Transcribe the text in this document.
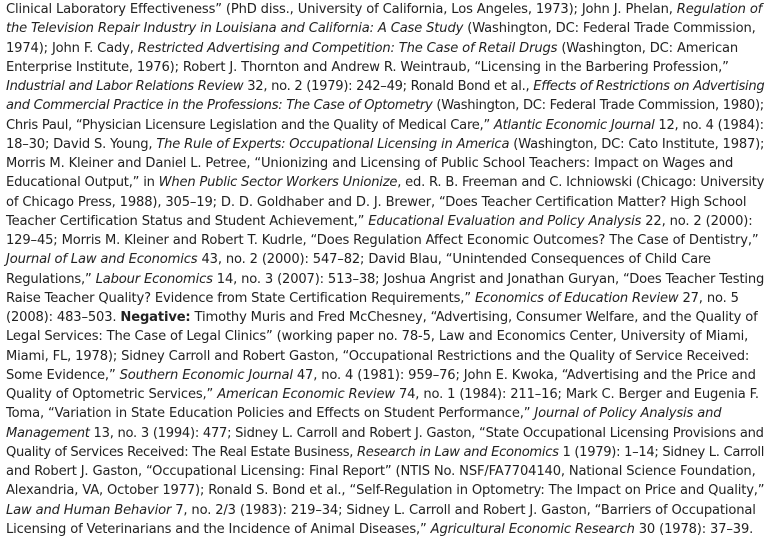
Clinical Laboratory Effectiveness” (PhD diss., University of California, Los Angeles, 1973); John J. Phelan, Regulation of
the Television Repair Industry in Louisiana and California: A Case Study (Washington, DC: Federal Trade Commission,
1974); John F. Cady, Restricted Advertising and Competition: The Case of Retail Drugs (Washington, DC: American
Enterprise Institute, 1976); Robert J. Thornton and Andrew R. Weintraub, “Licensing in the Barbering Profession,”
Industrial and Labor Relations Review 32, no. 2 (1979): 242–49; Ronald Bond et al., Effects of Restrictions on Advertising
and Commercial Practice in the Professions: The Case of Optometry (Washington, DC: Federal Trade Commission, 1980);
Chris Paul, “Physician Licensure Legislation and the Quality of Medical Care,” Atlantic Economic Journal 12, no. 4 (1984):
18–30; David S. Young, The Rule of Experts: Occupational Licensing in America (Washington, DC: Cato Institute, 1987);
Morris M. Kleiner and Daniel L. Petree, “Unionizing and Licensing of Public School Teachers: Impact on Wages and
Educational Output,” in When Public Sector Workers Unionize, ed. R. B. Freeman and C. Ichniowski (Chicago: University
of Chicago Press, 1988), 305–19; D. D. Goldhaber and D. J. Brewer, “Does Teacher Certification Matter? High School
Teacher Certification Status and Student Achievement,” Educational Evaluation and Policy Analysis 22, no. 2 (2000):
129–45; Morris M. Kleiner and Robert T. Kudrle, “Does Regulation Affect Economic Outcomes? The Case of Dentistry,”
Journal of Law and Economics 43, no. 2 (2000): 547–82; David Blau, “Unintended Consequences of Child Care
Regulations,” Labour Economics 14, no. 3 (2007): 513–38; Joshua Angrist and Jonathan Guryan, “Does Teacher Testing
Raise Teacher Quality? Evidence from State Certification Requirements,” Economics of Education Review 27, no. 5
(2008): 483–503. Negative: Timothy Muris and Fred McChesney, “Advertising, Consumer Welfare, and the Quality of
Legal Services: The Case of Legal Clinics” (working paper no. 78-5, Law and Economics Center, University of Miami,
Miami, FL, 1978); Sidney Carroll and Robert Gaston, “Occupational Restrictions and the Quality of Service Received:
Some Evidence,” Southern Economic Journal 47, no. 4 (1981): 959–76; John E. Kwoka, “Advertising and the Price and
Quality of Optometric Services,” American Economic Review 74, no. 1 (1984): 211–16; Mark C. Berger and Eugenia F.
Toma, “Variation in State Education Policies and Effects on Student Performance,” Journal of Policy Analysis and
Management 13, no. 3 (1994): 477; Sidney L. Carroll and Robert J. Gaston, “State Occupational Licensing Provisions and
Quality of Services Received: The Real Estate Business, Research in Law and Economics 1 (1979): 1–14; Sidney L. Carroll
and Robert J. Gaston, “Occupational Licensing: Final Report” (NTIS No. NSF/FA7704140, National Science Foundation,
Alexandria, VA, October 1977); Ronald S. Bond et al., “Self-Regulation in Optometry: The Impact on Price and Quality,”
Law and Human Behavior 7, no. 2/3 (1983): 219–34; Sidney L. Carroll and Robert J. Gaston, “Barriers of Occupational
Licensing of Veterinarians and the Incidence of Animal Diseases,” Agricultural Economic Research 30 (1978): 37–39.
